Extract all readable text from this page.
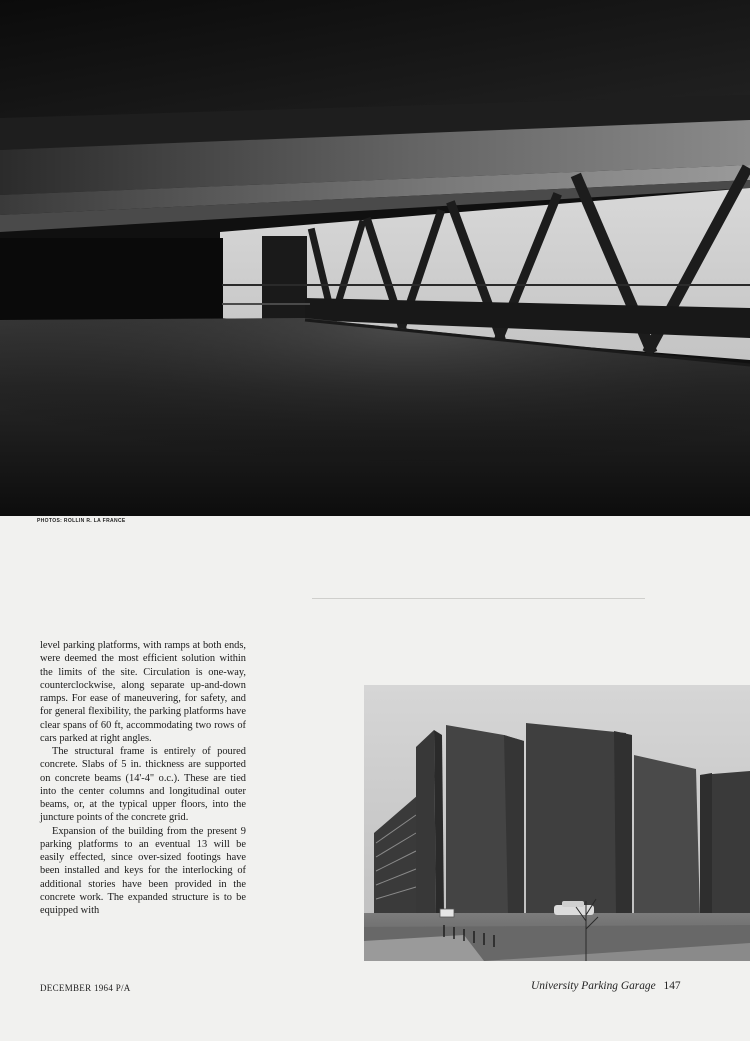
PHOTOS: ROLLIN R. LA FRANCE

level parking platforms, with ramps at both ends, were deemed the most efficient solution within the limits of the site. Circulation is one-way, counterclockwise, along separate up-and-down ramps. For ease of maneuvering, for safety, and for general flexibility, the parking platforms have clear spans of 60 ft, accommodating two rows of cars parked at right angles.

The structural frame is entirely of poured concrete. Slabs of 5 in. thickness are supported on concrete beams (14'-4" o.c.). These are tied into the center columns and longitudinal outer beams, or, at the typical upper floors, into the juncture points of the concrete grid.

Expansion of the building from the present 9 parking platforms to an eventual 13 will be easily effected, since over-sized footings have been installed and keys for the interlocking of additional stories have been provided in the concrete work. The expanded structure is to be equipped with

DECEMBER 1964 P/A	University Parking Garage 147
